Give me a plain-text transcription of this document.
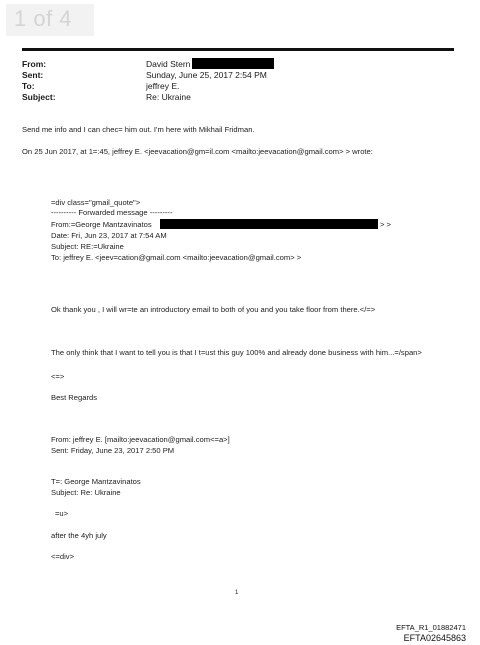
1 of 4
From:	David Stern
Sent:	Sunday, June 25, 2017 2:54 PM
To:	jeffrey E.
Subject:	Re: Ukraine
Send me info and I can chec= him out. I'm here with Mikhail Fridman.
On 25 Jun 2017, at 1=:45, jeffrey E. <jeevacation@gm=il.com <mailto:jeevacation@gmail.com> > wrote:
=div class="gmail_quote">
---------- Forwarded message ---------
From:=George Mantzavinatos	> >
Date: Fri, Jun 23, 2017 at 7:54 AM
Subject: RE:=Ukraine
To: jeffrey E. <jeev=cation@gmail.com <mailto:jeevacation@gmail.com> >
Ok thank you , I will wr=te an introductory email to both of you and you take floor from there.</=>
The only think that I want to tell you is that I t=ust this guy 100% and already done business with him...=/span>
<=>
Best Regards
From: jeffrey E. [mailto:jeevacation@gmail.com<=a>]
Sent: Friday, June 23, 2017 2:50 PM
T=: George Mantzavinatos
Subject: Re: Ukraine
=u>
after the 4yh july
<=div>
1
EFTA_R1_01882471
EFTA02645863
